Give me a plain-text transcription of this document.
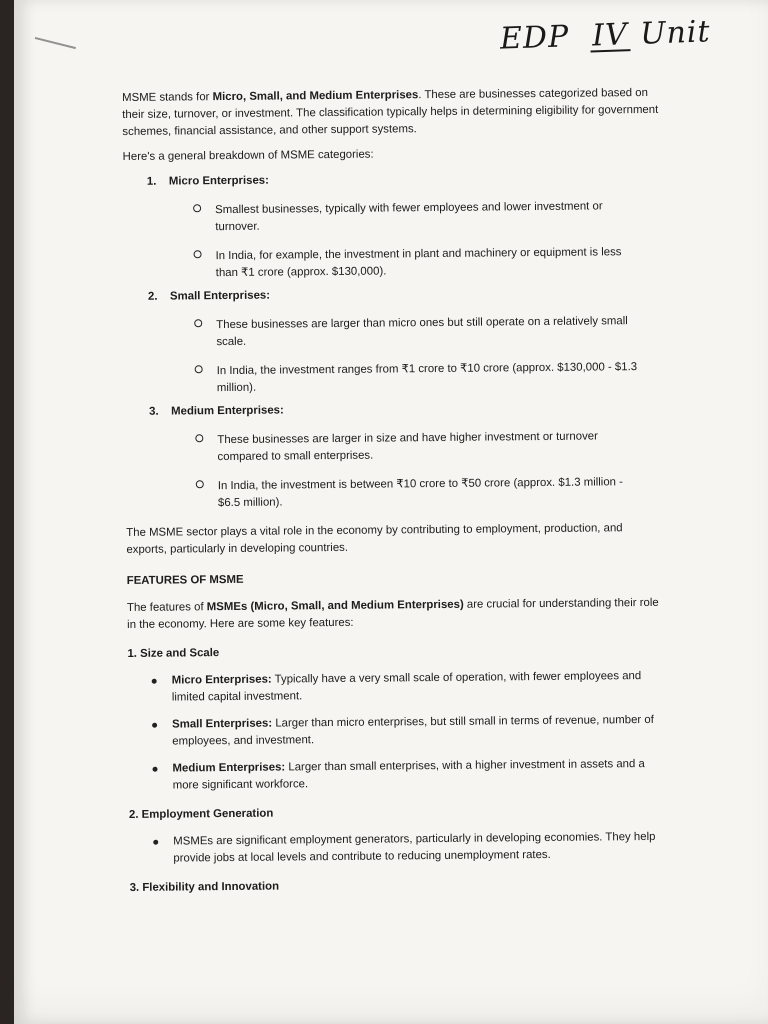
EDP IV Unit

MSME stands for Micro, Small, and Medium Enterprises. These are businesses categorized based on their size, turnover, or investment. The classification typically helps in determining eligibility for government schemes, financial assistance, and other support systems.

Here's a general breakdown of MSME categories:

1. Micro Enterprises:
Smallest businesses, typically with fewer employees and lower investment or turnover.
In India, for example, the investment in plant and machinery or equipment is less than ₹1 crore (approx. $130,000).
2. Small Enterprises:
These businesses are larger than micro ones but still operate on a relatively small scale.
In India, the investment ranges from ₹1 crore to ₹10 crore (approx. $130,000 - $1.3 million).
3. Medium Enterprises:
These businesses are larger in size and have higher investment or turnover compared to small enterprises.
In India, the investment is between ₹10 crore to ₹50 crore (approx. $1.3 million - $6.5 million).

The MSME sector plays a vital role in the economy by contributing to employment, production, and exports, particularly in developing countries.

FEATURES OF MSME

The features of MSMEs (Micro, Small, and Medium Enterprises) are crucial for understanding their role in the economy. Here are some key features:

1. Size and Scale
Micro Enterprises: Typically have a very small scale of operation, with fewer employees and limited capital investment.
Small Enterprises: Larger than micro enterprises, but still small in terms of revenue, number of employees, and investment.
Medium Enterprises: Larger than small enterprises, with a higher investment in assets and a more significant workforce.
2. Employment Generation
MSMEs are significant employment generators, particularly in developing economies. They help provide jobs at local levels and contribute to reducing unemployment rates.
3. Flexibility and Innovation
